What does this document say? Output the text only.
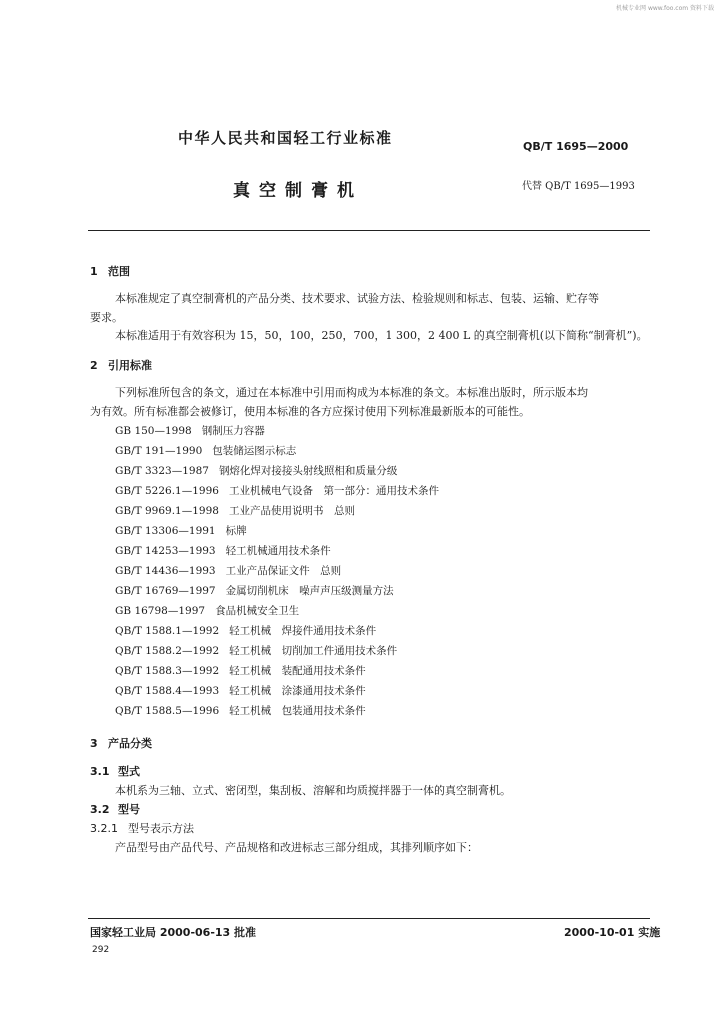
机械专业网 www.foo.com 资料下载
中华人民共和国轻工行业标准	QB/T 1695—2000
真空制膏机	代替 QB/T 1695—1993
1 范围
本标准规定了真空制膏机的产品分类、技术要求、试验方法、检验规则和标志、包装、运输、贮存等
要求。
本标准适用于有效容积为 15，50，100，250，700，1 300，2 400 L 的真空制膏机(以下简称“制膏机”)。
2 引用标准
下列标准所包含的条文，通过在本标准中引用而构成为本标准的条文。本标准出版时，所示版本均
为有效。所有标准都会被修订，使用本标准的各方应探讨使用下列标准最新版本的可能性。
GB 150—1998 钢制压力容器
GB/T 191—1990 包装储运图示标志
GB/T 3323—1987 钢熔化焊对接接头射线照相和质量分级
GB/T 5226.1—1996 工业机械电气设备　第一部分：通用技术条件
GB/T 9969.1—1998 工业产品使用说明书　总则
GB/T 13306—1991 标牌
GB/T 14253—1993 轻工机械通用技术条件
GB/T 14436—1993 工业产品保证文件　总则
GB/T 16769—1997 金属切削机床　噪声声压级测量方法
GB 16798—1997 食品机械安全卫生
QB/T 1588.1—1992 轻工机械　焊接件通用技术条件
QB/T 1588.2—1992 轻工机械　切削加工件通用技术条件
QB/T 1588.3—1992 轻工机械　装配通用技术条件
QB/T 1588.4—1993 轻工机械　涂漆通用技术条件
QB/T 1588.5—1996 轻工机械　包装通用技术条件
3 产品分类
3.1 型式
本机系为三轴、立式、密闭型，集刮板、溶解和均质搅拌器于一体的真空制膏机。
3.2 型号
3.2.1 型号表示方法
产品型号由产品代号、产品规格和改进标志三部分组成，其排列顺序如下：
国家轻工业局 2000-06-13 批准	2000-10-01 实施
292
